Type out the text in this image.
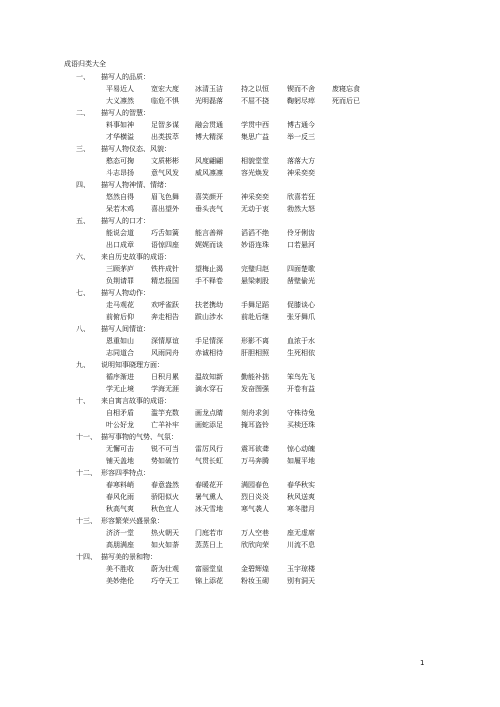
成语归类大全
一、 描写人的品质：
平易近人 宽宏大度 冰清玉洁	持之以恒	锲而不舍 废寝忘食
大义凛然 临危不惧 光明磊落	不屈不挠	鞠躬尽瘁 死而后已
二、 描写人的智慧：
料事如神 足智多谋 融会贯通	学贯中西	博古通今
才华横溢 出类拔萃 博大精深	集思广益	举一反三
三、 描写人物仪态、风貌：
憨态可掬 文质彬彬 风度翩翩	相貌堂堂	落落大方
斗志昂扬 意气风发 威风凛凛	容光焕发	神采奕奕
四、 描写人物神情、情绪：
悠然自得 眉飞色舞 喜笑颜开	神采奕奕	欣喜若狂
呆若木鸡 喜出望外 垂头丧气	无动于衷	勃然大怒
五、 描写人的口才：
能说会道 巧舌如簧 能言善辩	滔滔不绝	伶牙俐齿
出口成章 语惊四座 娓娓而谈	妙语连珠	口若悬河
六、 来自历史故事的成语：
三顾茅庐 铁杵成针 望梅止渴	完璧归赵	四面楚歌
负荆请罪 精忠报国 手不释卷	悬梁刺股	凿壁偷光
七、 描写人物动作：
走马观花 欢呼雀跃 扶老携幼	手舞足蹈	促膝谈心
前俯后仰 奔走相告 跋山涉水	前赴后继	张牙舞爪
八、 描写人间情谊：
恩重如山 深情厚谊 手足情深	形影不离	血浓于水
志同道合 风雨同舟 赤诚相待	肝胆相照	生死相依
九、 说明知事晓理方面：
循序渐进 日积月累 温故知新	勤能补拙	笨鸟先飞
学无止境 学海无涯 滴水穿石	发奋图强	开卷有益
十、 来自寓言故事的成语：
自相矛盾 滥竽充数 画龙点睛	刻舟求剑	守株待兔
叶公好龙 亡羊补牢 画蛇添足	掩耳盗铃	买椟还珠
十一、 描写事物的气势、气氛：
无懈可击 锐不可当 雷厉风行	震耳欲聋	惊心动魄
铺天盖地 势如破竹 气贯长虹	万马奔腾	如履平地
十二、 形容四季特点：
春寒料峭 春意盎然 春暖花开	满园春色	春华秋实
春风化雨 骄阳似火 暑气熏人	烈日炎炎	秋风送爽
秋高气爽 秋色宜人 冰天雪地	寒气袭人	寒冬腊月
十三、 形容繁荣兴盛景象：
济济一堂 热火朝天 门庭若市	万人空巷	座无虚席
高朋满座 如火如荼 蒸蒸日上	欣欣向荣	川流不息
十四、 描写美的景和物：
美不胜收 蔚为壮观 富丽堂皇	金碧辉煌	玉宇琼楼
美妙绝伦 巧夺天工 锦上添花	粉妆玉砌	别有洞天
1
